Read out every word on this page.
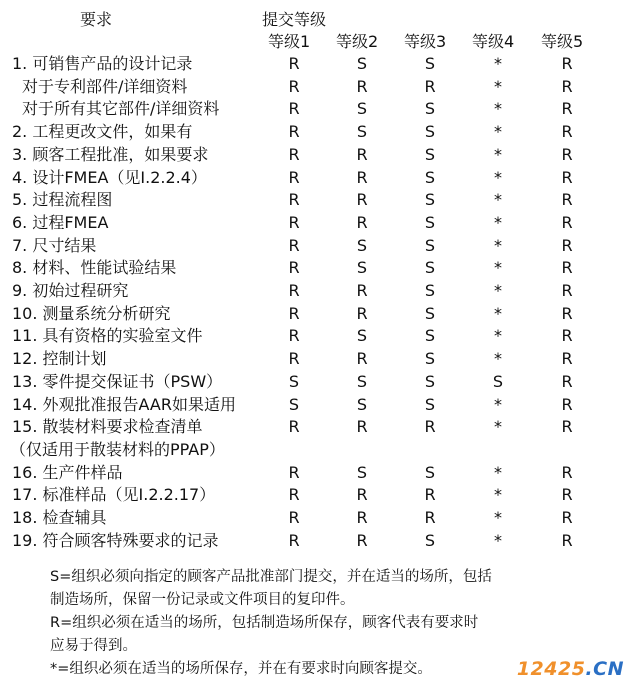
要求	提交等级
等级1 等级2 等级3 等级4 等级5
1. 可销售产品的设计记录	R	S	S	*	R
对于专利部件/详细资料	R	R	R	*	R
对于所有其它部件/详细资料	R	S	S	*	R
2. 工程更改文件，如果有	R	S	S	*	R
3. 顾客工程批准，如果要求	R	R	S	*	R
4. 设计FMEA（见Ⅰ.2.2.4）	R	R	S	*	R
5. 过程流程图	R	R	S	*	R
6. 过程FMEA	R	R	S	*	R
7. 尺寸结果	R	S	S	*	R
8. 材料、性能试验结果	R	S	S	*	R
9. 初始过程研究	R	R	S	*	R
10. 测量系统分析研究	R	R	S	*	R
11. 具有资格的实验室文件	R	S	S	*	R
12. 控制计划	R	R	S	*	R
13. 零件提交保证书（PSW）	S	S	S	S	R
14. 外观批准报告AAR如果适用	S	S	S	*	R
15. 散装材料要求检查清单	R	R	R	*	R
（仅适用于散装材料的PPAP）
16. 生产件样品	R	S	S	*	R
17. 标准样品（见Ⅰ.2.2.17）	R	R	R	*	R
18. 检查辅具	R	R	R	*	R
19. 符合顾客特殊要求的记录	R	R	S	*	R
S=组织必须向指定的顾客产品批准部门提交，并在适当的场所，包括
制造场所，保留一份记录或文件项目的复印件。
R=组织必须在适当的场所，包括制造场所保存，顾客代表有要求时
应易于得到。
*=组织必须在适当的场所保存，并在有要求时向顾客提交。	12425.CN
